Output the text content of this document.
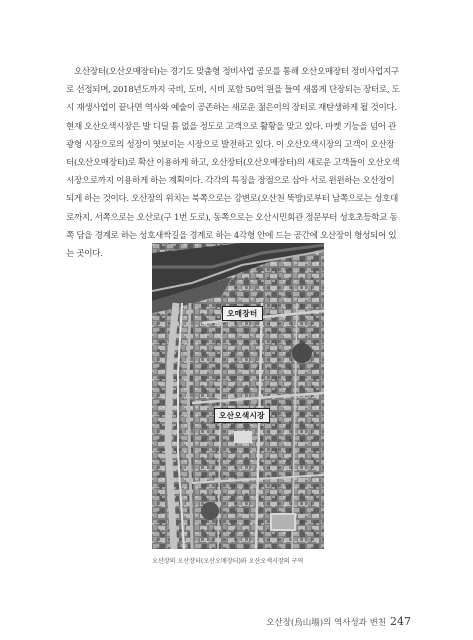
오산장터(오산오매장터)는 경기도 맞춤형 정비사업 공모를 통해 오산오매장터 정비사업지구
로 선정되며, 2018년도까지 국비, 도비, 시비 포함 50억 원을 들여 새롭게 단장되는 장터로, 도
시 재생사업이 끝나면 역사와 예술이 공존하는 새로운 젊은이의 장터로 재탄생하게 될 것이다.
현재 오산오색시장은 발 디딜 틈 없을 정도로 고객으로 활황을 맞고 있다. 마켓 기능을 넘어 관
광형 시장으로의 성장이 엿보이는 시장으로 발전하고 있다. 이 오산오색시장의 고객이 오산장
터(오산오매장터)로 확산 이용하게 하고, 오산장터(오산오매장터)의 새로운 고객들이 오산오색
시장으로까지 이용하게 하는 계획이다. 각각의 특징을 장점으로 삼아 서로 윈윈하는 오산장이
되게 하는 것이다. 오산장의 위치는 북쪽으로는 강변로(오산천 뚝방)로부터 남쪽으로는 성호대
로까지, 서쪽으로는 오산로(구 1번 도로), 동쪽으로는 오산시민회관 정문부터 성호초등학교 동
쪽 담을 경계로 하는 성호새싹길을 경계로 하는 4각형 안에 드는 공간에 오산장이 형성되어 있
는 곳이다.
오매장터
오산오색시장
오산장의 오산장터(오산오매장터)와 오산오색시장의 구역
오산장(烏山場)의 역사성과 변천 247
